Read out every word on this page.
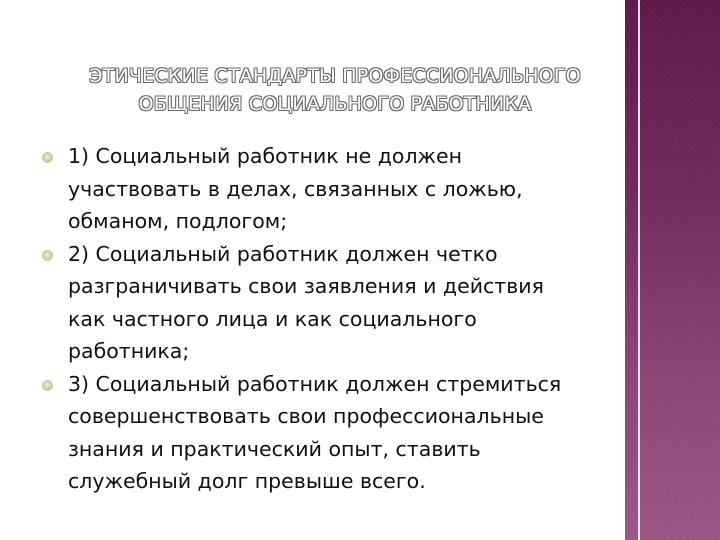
ЭТИЧЕСКИЕ СТАНДАРТЫ ПРОФЕССИОНАЛЬНОГО
ОБЩЕНИЯ СОЦИАЛЬНОГО РАБОТНИКА
1) Социальный работник не должен
участвовать в делах, связанных с ложью,
обманом, подлогом;
2) Социальный работник должен четко
разграничивать свои заявления и действия
как частного лица и как социального
работника;
3) Социальный работник должен стремиться
совершенствовать свои профессиональные
знания и практический опыт, ставить
служебный долг превыше всего.
